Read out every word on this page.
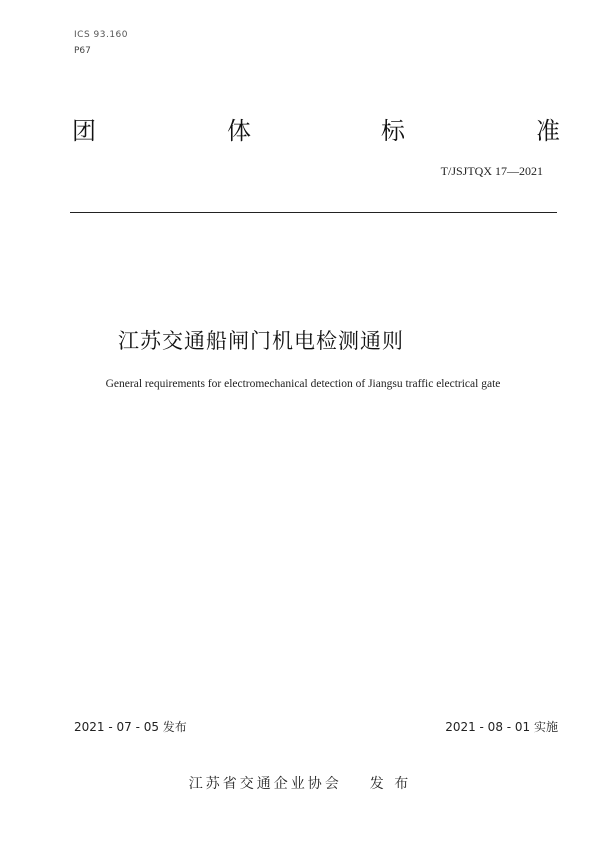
ICS 93.160
P67
团	体	标	准
T/JSJTQX 17—2021
江苏交通船闸门机电检测通则
General requirements for electromechanical detection of Jiangsu traffic electrical gate
2021 - 07 - 05 发布	2021 - 08 - 01 实施
江苏省交通企业协会 发 布
